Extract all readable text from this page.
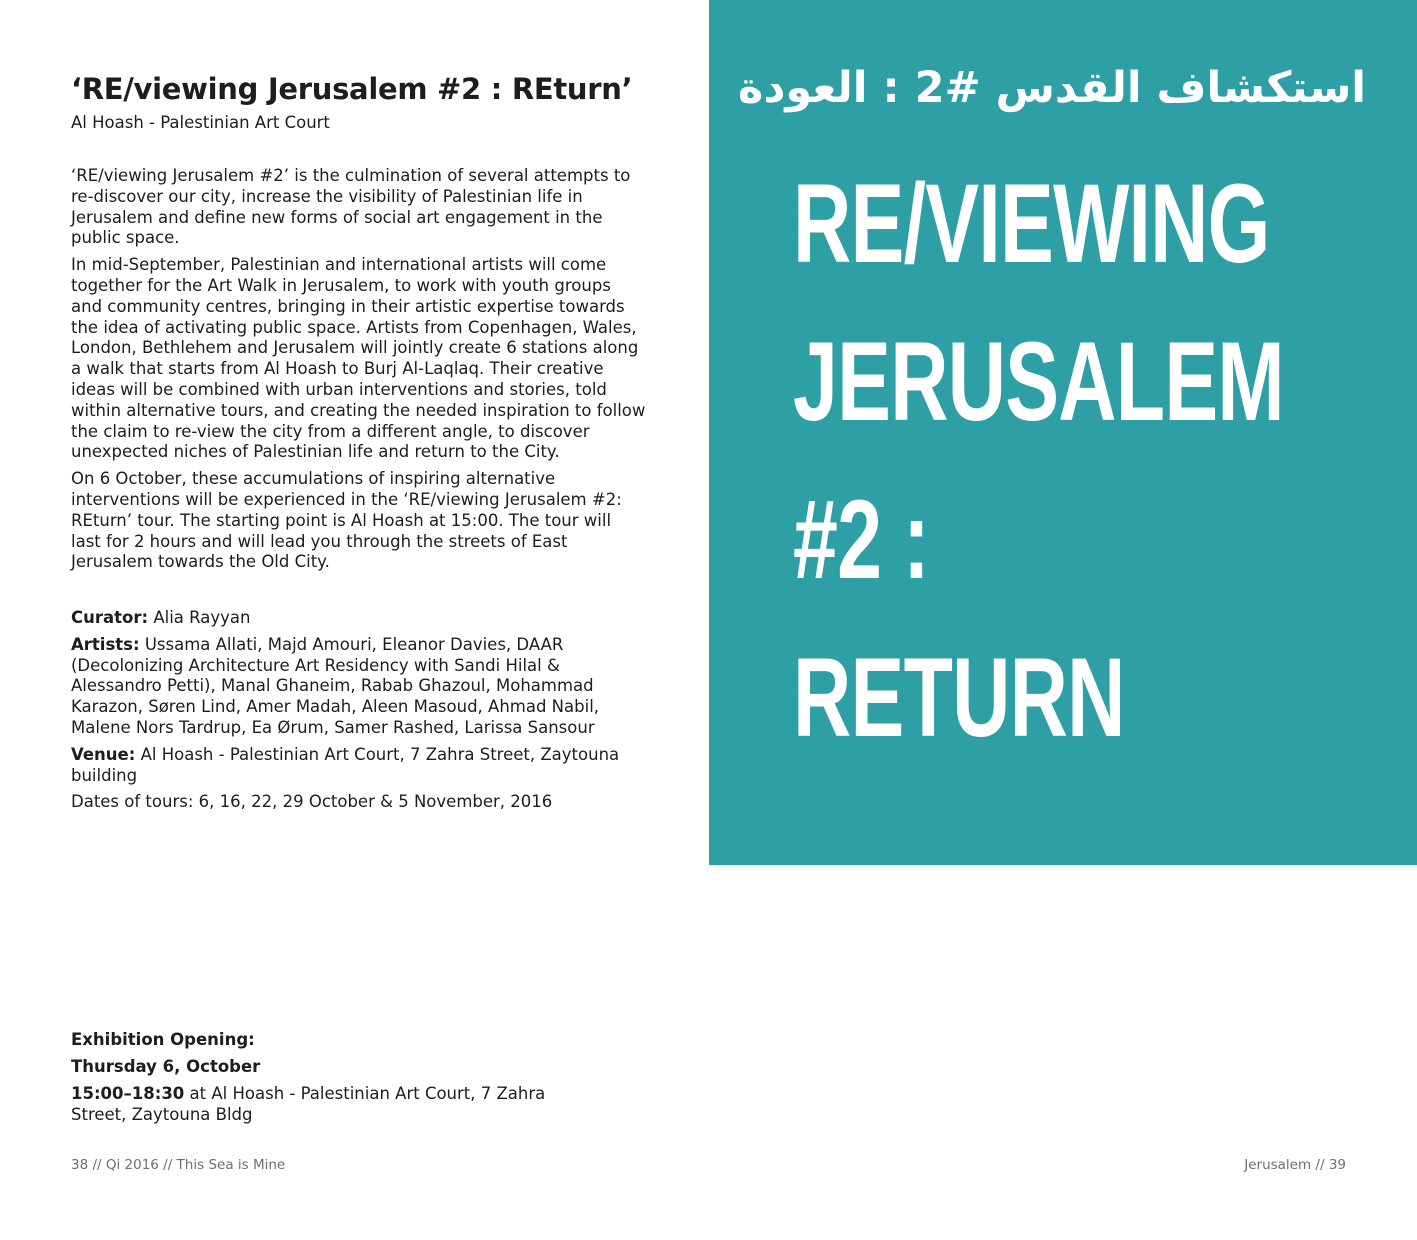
‘RE/viewing Jerusalem #2 : REturn’

Al Hoash - Palestinian Art Court

‘RE/viewing Jerusalem #2’ is the culmination of several attempts to re-discover our city, increase the visibility of Palestinian life in Jerusalem and define new forms of social art engagement in the public space.

In mid-September, Palestinian and international artists will come together for the Art Walk in Jerusalem, to work with youth groups and community centres, bringing in their artistic expertise towards the idea of activating public space. Artists from Copenhagen, Wales, London, Bethlehem and Jerusalem will jointly create 6 stations along a walk that starts from Al Hoash to Burj Al-Laqlaq. Their creative ideas will be combined with urban interventions and stories, told within alternative tours, and creating the needed inspiration to follow the claim to re-view the city from a different angle, to discover unexpected niches of Palestinian life and return to the City.

On 6 October, these accumulations of inspiring alternative interventions will be experienced in the ‘RE/viewing Jerusalem #2: REturn’ tour. The starting point is Al Hoash at 15:00. The tour will last for 2 hours and will lead you through the streets of East Jerusalem towards the Old City.

Curator: Alia Rayyan

Artists: Ussama Allati, Majd Amouri, Eleanor Davies, DAAR (Decolonizing Architecture Art Residency with Sandi Hilal & Alessandro Petti), Manal Ghaneim, Rabab Ghazoul, Mohammad Karazon, Søren Lind, Amer Madah, Aleen Masoud, Ahmad Nabil, Malene Nors Tardrup, Ea Ørum, Samer Rashed, Larissa Sansour

Venue: Al Hoash - Palestinian Art Court, 7 Zahra Street, Zaytouna building

Dates of tours: 6, 16, 22, 29 October & 5 November, 2016

Exhibition Opening:

Thursday 6, October

15:00–18:30 at Al Hoash - Palestinian Art Court, 7 Zahra Street, Zaytouna Bldg

38 // Qi 2016 // This Sea is Mine

استكشاف القدس #2 : العودة

RE/VIEWING
JERUSALEM
#2 :
RETURN
Jerusalem // 39
